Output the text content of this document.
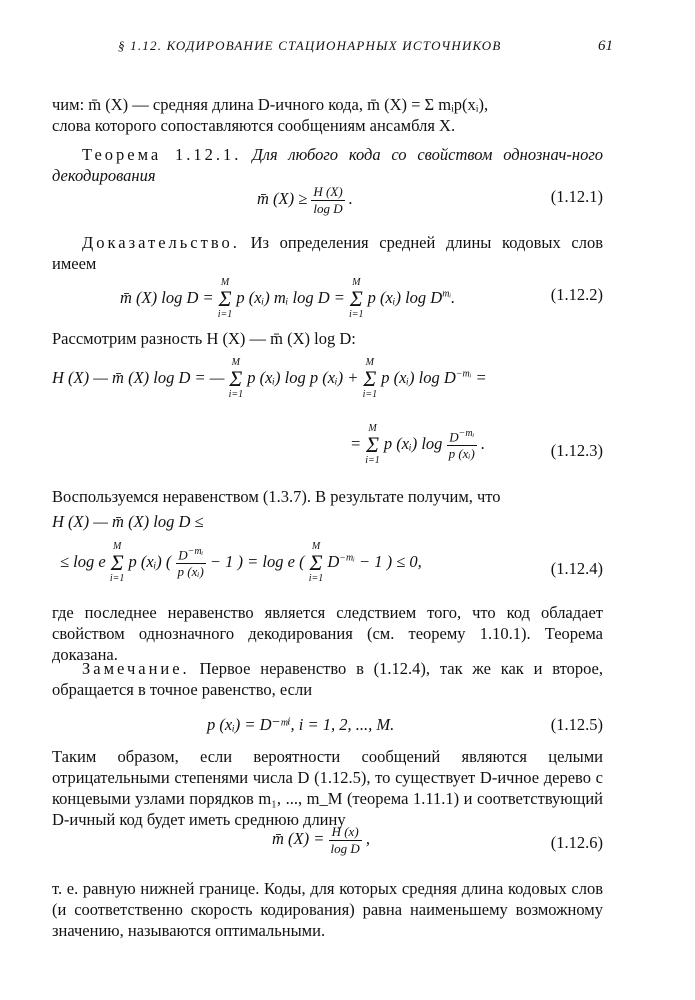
§ 1.12. КОДИРОВАНИЕ СТАЦИОНАРНЫХ ИСТОЧНИКОВ	61
чим: m̄ (X) — средняя длина D-ичного кода, m̄ (X) = Σ mᵢp(xᵢ),
слова которого сопоставляются сообщениям ансамбля X.
Теорема 1.12.1. Для любого кода со свойством однознач-ного декодирования
m̄ $(X) \ge \frac{H (X)}{\text{log D}}$ .	(1.12.1)
Доказательство. Из определения средней длины кодовых слов имеем
m̄ (X) log D =
M
Σ
i=1
p (xᵢ) mᵢ log D =
M
Σ
i=1
p (xᵢ) $\log D^{mᵢ}$.	(1.12.2)
Рассмотрим разность H (X) — m̄ (X) log D:
H (X) — m̄ (X) log D = —
M
Σ
i=1
p (xᵢ) log p (xᵢ) +
M
Σ
i=1
p (xᵢ) $\log D^{-mᵢ}$ =
=
M
Σ
i=1
p (xᵢ) $\log \frac{D^{-mᵢ}}{\text{p (xᵢ)}}$ .	(1.12.3)
Воспользуемся неравенством (1.3.7). В результате получим, что
H (X) — m̄ (X) log D ≤
≤ log e
M
Σ
i=1
p (xᵢ) ( $\frac{D^{-mᵢ}}{\text{p (xᵢ)}} - 1$ ) = log e (
M
Σ
i=1
$D^{-mᵢ} - 1$ ) ≤ 0,	(1.12.4)
где последнее неравенство является следствием того, что код обладает свойством однозначного декодирования (см. теорему 1.10.1). Теорема доказана.
Замечание. Первое неравенство в (1.12.4), так же как и второе, обращается в точное равенство, если
p (xᵢ) = D⁻ᵐⁱ, i = 1, 2, ..., M.	(1.12.5)
Таким образом, если вероятности сообщений являются целыми отрицательными степенями числа D (1.12.5), то существует D-ичное дерево с концевыми узлами порядков m₁, ..., m_M (теорема 1.11.1) и соответствующий D-ичный код будет иметь среднюю длину
m̄ $(X) = \frac{H (x)}{\text{log D}}$ ,	(1.12.6)
т. е. равную нижней границе. Коды, для которых средняя длина кодовых слов (и соответственно скорость кодирования) равна наименьшему возможному значению, называются оптимальными.
